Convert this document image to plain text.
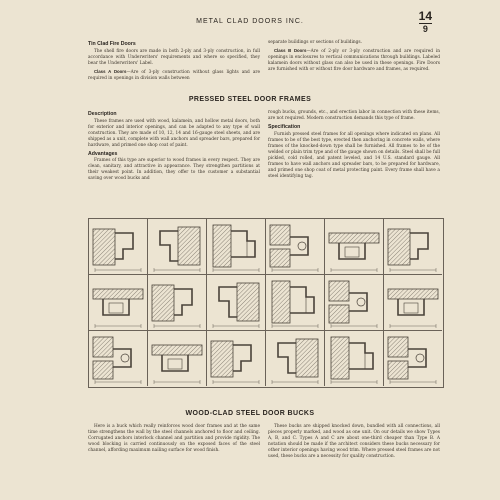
METAL CLAD DOORS INC.	14
9
Tin Clad Fire Doors

The shell fire doors are made in both 2-ply and 3-ply construction, in full accordance with Underwriters' requirements and where so specified, they bear the Underwriters' Label.

Class A Doors—Are of 3-ply construction without glass lights and are required in openings in division walls between

separate buildings or sections of buildings.

Class B Doors—Are of 2-ply or 3-ply construction and are required in openings in enclosures to vertical communications through buildings. Labeled kalamein doors without glass can also be used in these openings. Fire Doors are furnished with or without fire door hardware and frames, as required.

PRESSED STEEL DOOR FRAMES
Description

These frames are used with wood, kalamein, and hollow metal doors, both for exterior and interior openings, and can be adapted to any type of wall construction. They are made of 10, 12, 14 and 16-gauge steel sheets, and are shipped as a unit, complete with wall anchors and spreader bars, prepared for hardware, and primed one shop coat of paint.

Advantages

Frames of this type are superior to wood frames in every respect. They are clean, sanitary, and attractive in appearance. They strengthen partitions at their weakest point. In addition, they offer to the customer a substantial saving over wood bucks and

rough bucks, grounds, etc., and erection labor in connection with these items, are not required. Modern construction demands this type of frame.

Specification

Furnish pressed steel frames for all openings where indicated on plans. All frames to be of the best type, erected then anchoring in concrete walls, where frames of the knocked-down type shall be furnished. All frames to be of the welded or plain trim type and of the gauge shown on details. Steel shall be full pickled, cold rolled, and patent leveled, and 14 U.S. standard gauge. All frames to have wall anchors and spreader bars, to be prepared for hardware, and primed one shop coat of metal protecting paint. Every frame shall have a steel identifying tag.

WOOD-CLAD STEEL DOOR BUCKS

Here is a buck which really reinforces wood door frames and at the same time strengthens the wall by the steel channels anchored to floor and ceiling. Corrugated anchors interlock channel and partition and provide rigidity. The wood blocking is carried continuously on the exposed faces of the steel channel, affording maximum nailing surface for wood finish.

These bucks are shipped knocked down, bundled with all connections, all pieces properly marked, and wood as one unit. On our details we show Types A, B, and C. Types A and C are about one-third cheaper than Type B. A notation should be made if the architect considers these bucks necessary for other interior openings having wood trim. Where pressed steel frames are not used, these bucks are a necessity for quality construction.
